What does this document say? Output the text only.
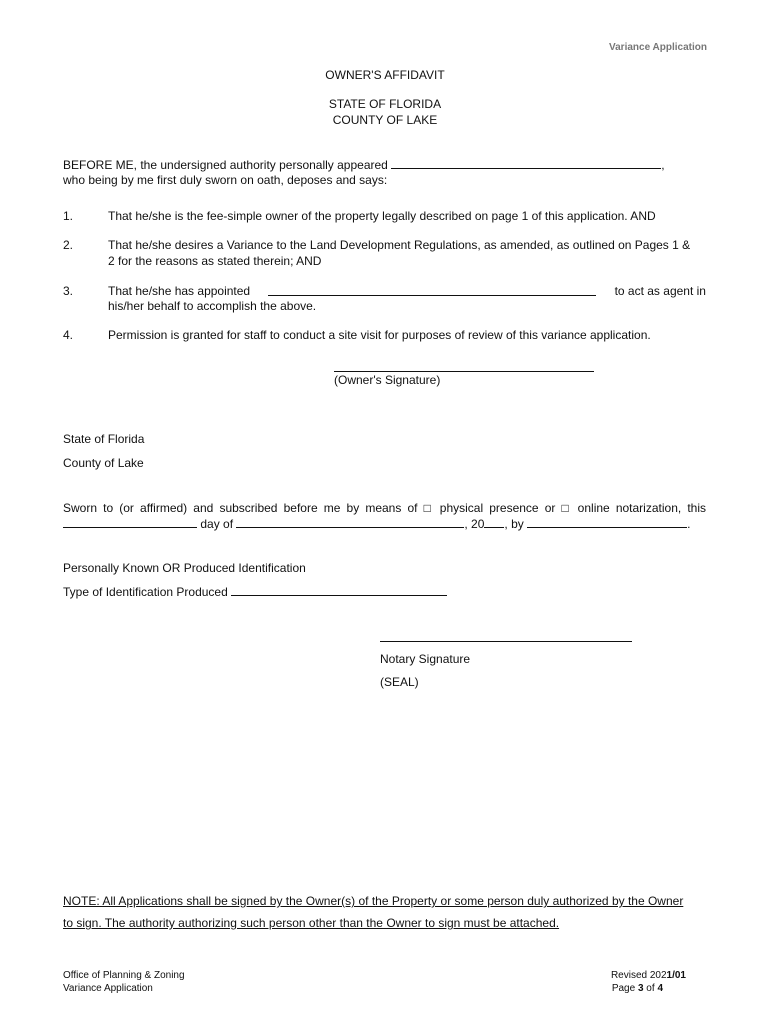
Variance Application
OWNER'S AFFIDAVIT
STATE OF FLORIDA
COUNTY OF LAKE
BEFORE ME, the undersigned authority personally appeared	,
who being by me first duly sworn on oath, deposes and says:
1.	That he/she is the fee-simple owner of the property legally described on page 1 of this application. AND
2.	That he/she desires a Variance to the Land Development Regulations, as amended, as outlined on Pages 1 &
2 for the reasons as stated therein; AND
3.	That he/she has appointed	to act as agent in
his/her behalf to accomplish the above.
4.	Permission is granted for staff to conduct a site visit for purposes of review of this variance application.
(Owner's Signature)
State of Florida
County of Lake
Sworn to (or affirmed) and subscribed before me by means of □ physical presence or □ online notarization, this
day of	, 20 , by	.
Personally Known OR Produced Identification
Type of Identification Produced
Notary Signature
(SEAL)
NOTE: All Applications shall be signed by the Owner(s) of the Property or some person duly authorized by the Owner
to sign. The authority authorizing such person other than the Owner to sign must be attached.
Office of Planning & Zoning
Variance Application
Revised 2021/01
Page 3 of 4
